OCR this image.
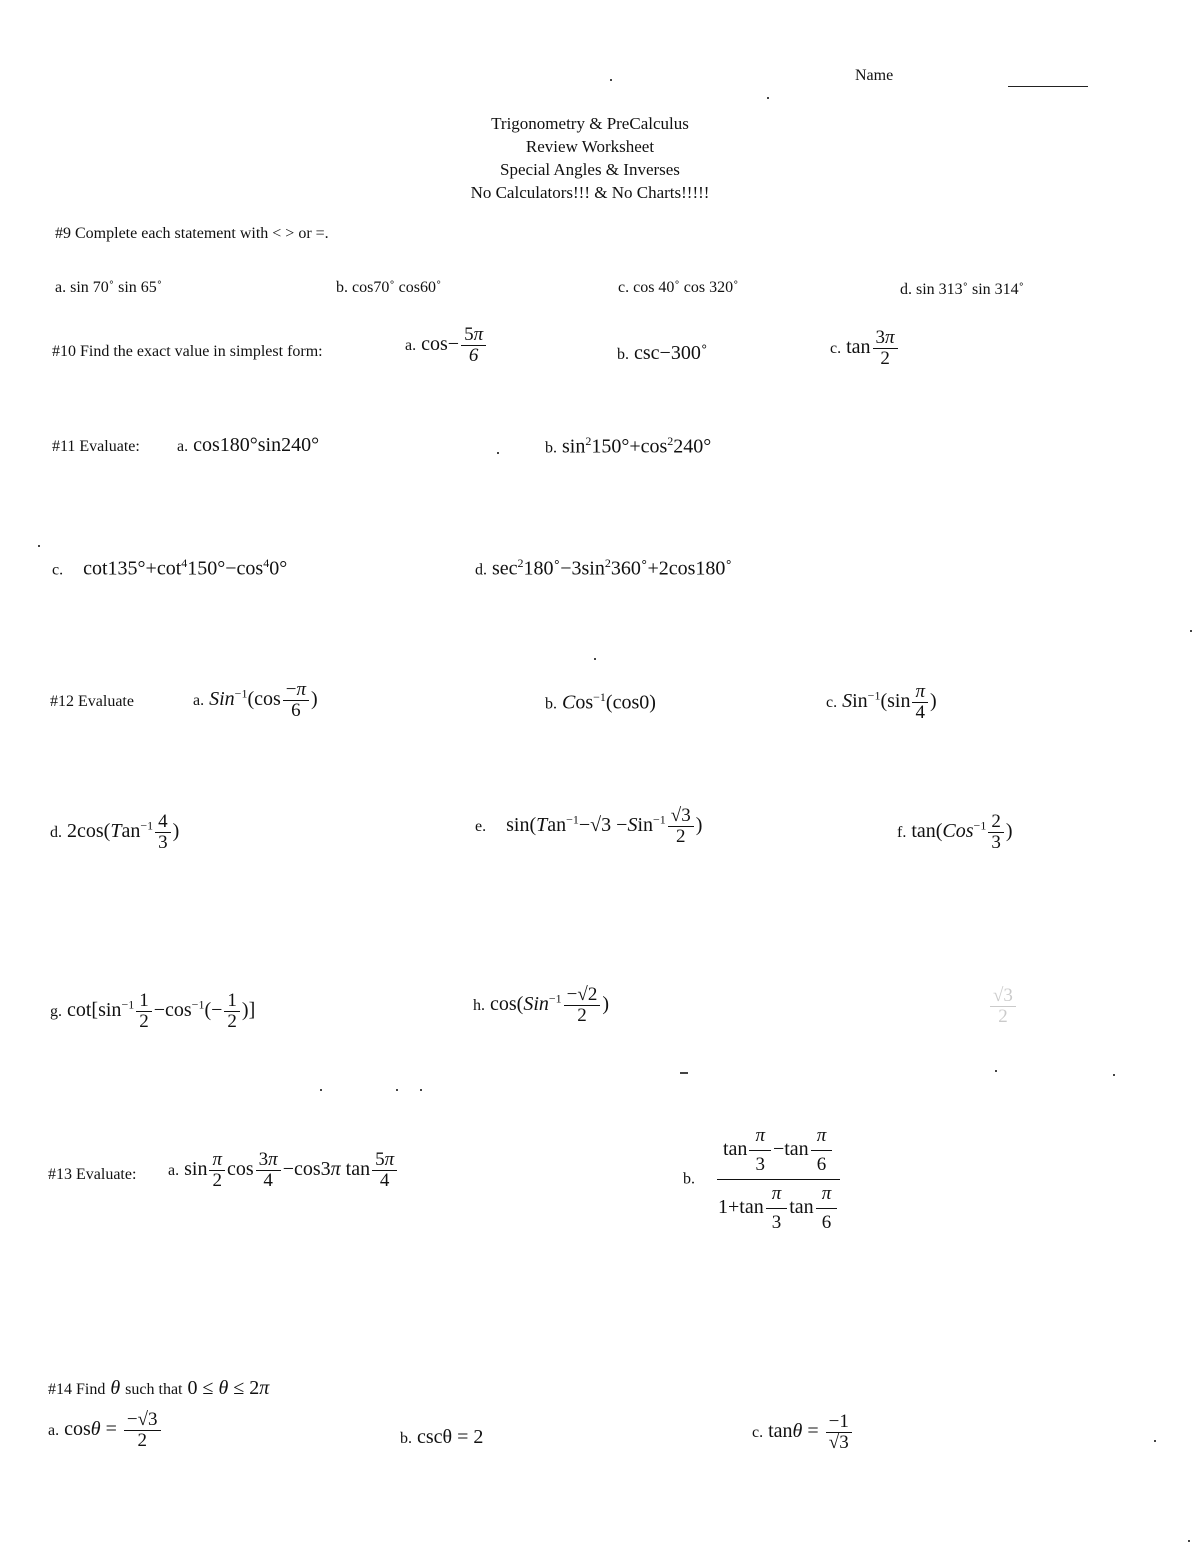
Name
Trigonometry & PreCalculus
Review Worksheet
Special Angles & Inverses
No Calculators!!! & No Charts!!!!!
#9 Complete each statement with < > or =.
a. sin 70˚ sin 65˚	b. cos70˚ cos60˚	c. cos 40˚ cos 320˚	d. sin 313˚ sin 314˚
#10 Find the exact value in simplest form:	a. $\cos- \frac{5\pi}{6}$	b. csc−300˚	c. $\tan \frac{3\pi}{2}$
#11 Evaluate: a. cos180°sin240°	b. $\sin^2150^\circ+\cos^2240^\circ$
c.    $\cot 135^\circ+\cot^4150^\circ-\cos^40^\circ$	d. $\sec^2180˚-3\sin^2360˚+2\cos 180˚$
#12 Evaluate	a. $Sin^{-1}(\cos \frac{-\pi}{6}$ )	b. Cos$^{-1}$(cos0)	c. $Sin^{-1}(\sin \frac{\pi}{4}$ )
d. $2\cos(Tan^{-1} \frac{4}{3}$ )	e.    $\sin(Tan^{-1}-√3 -Sin^{-1} \frac{√3}{2}$ )	f. $\tan(Cos^{-1} \frac{2}{3}$ )
g. $\cot[\sin^{-1} \frac{1}{2} -\cos^{-1}(- \frac{1}{2}$ )]	h. $\cos(Sin^{-1} \frac{-√2}{2}$ )	$\frac{√3}{2}$
#13 Evaluate: a. $\sin \frac{\pi}{2}$ $\cos \frac{3\pi}{4} -\cos 3\pi$ $\tan \frac{5\pi}{4}$	b. $\frac{\tan \frac{\pi}{3} -\tan \frac{\pi}{6}}{1+\tan \frac{\pi}{3} \tan \frac{\pi}{6}}$
#14 Find θ such that 0 ≤ θ ≤ 2π
a. $\cos\theta = \frac{-√3}{2}$	b. cscθ = 2	c. $\tan\theta = \frac{-1}{√3}$
